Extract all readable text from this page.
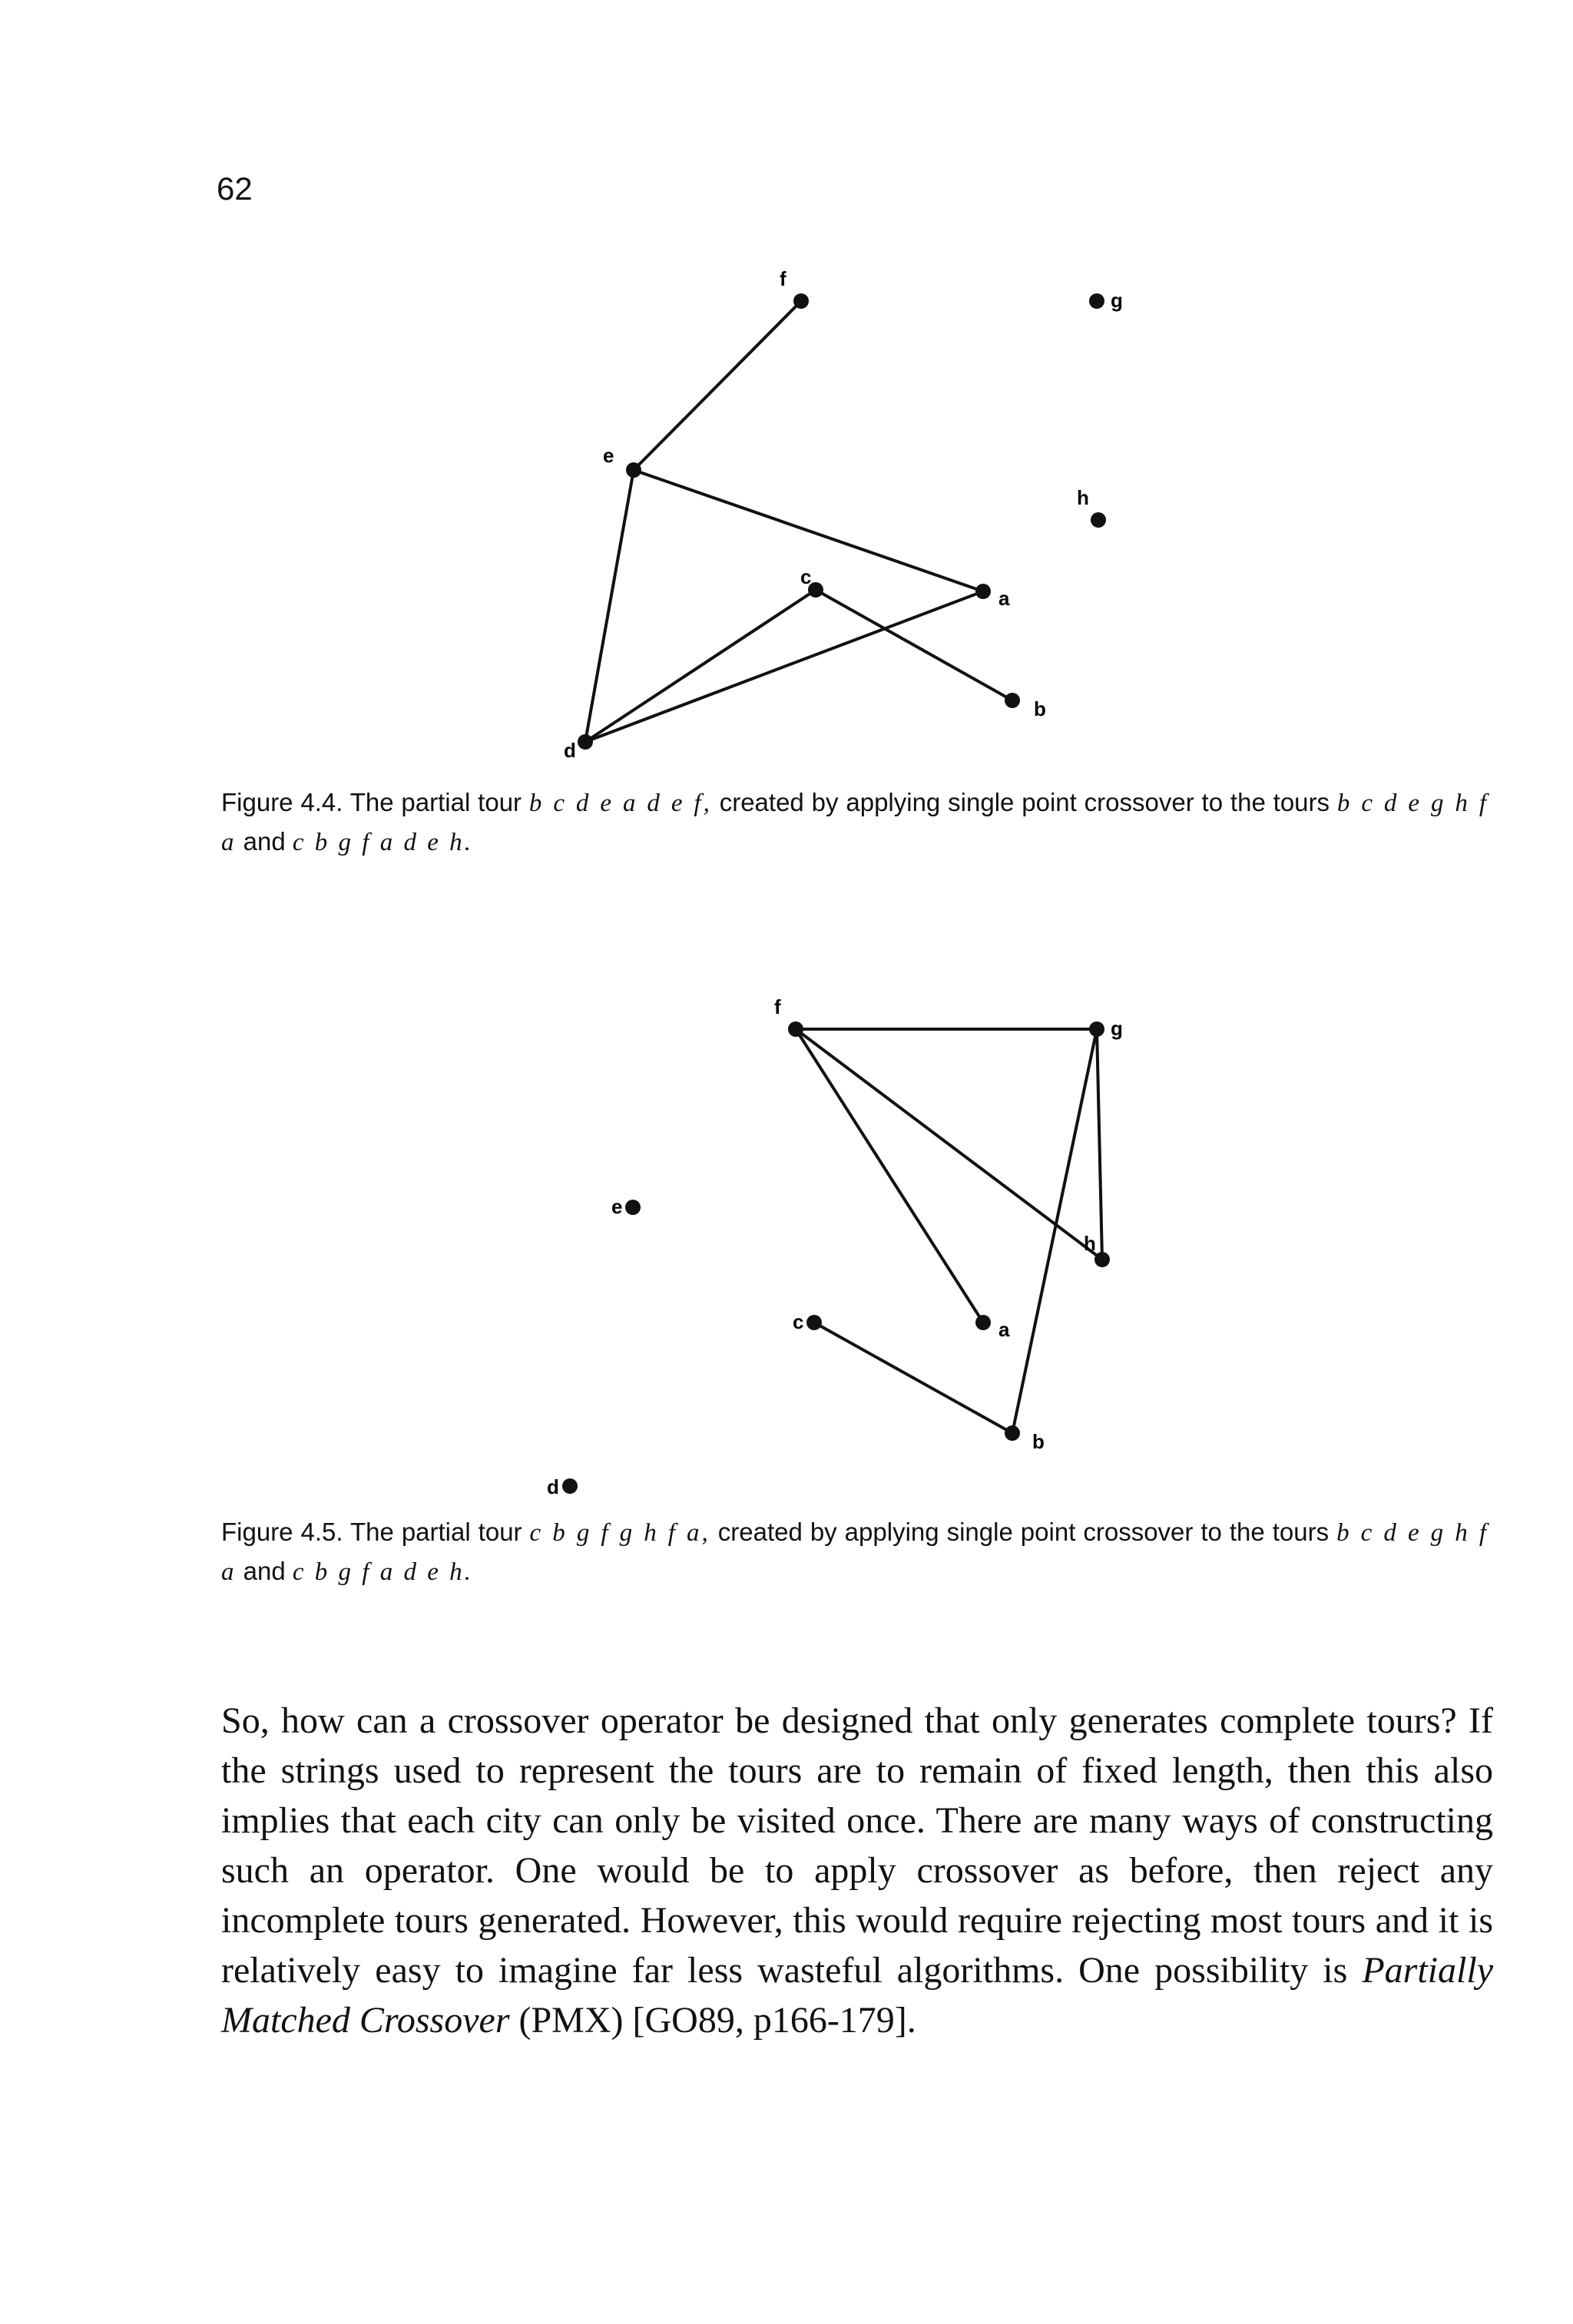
62
f
g
e
h
c
a
b
d
Figure 4.4. The partial tour b c d e a d e f, created by applying single point crossover to the tours b c d e g h f a and c b g f a d e h.
f
g
e
h
c	a
b
d
Figure 4.5. The partial tour c b g f g h f a, created by applying single point crossover to the tours b c d e g h f a and c b g f a d e h.
So, how can a crossover operator be designed that only generates complete tours? If the strings used to represent the tours are to remain of fixed length, then this also implies that each city can only be visited once. There are many ways of constructing such an operator. One would be to apply crossover as before, then reject any incomplete tours generated. However, this would require rejecting most tours and it is relatively easy to imagine far less wasteful algorithms. One possibility is Partially Matched Crossover (PMX) [GO89, p166-179].
